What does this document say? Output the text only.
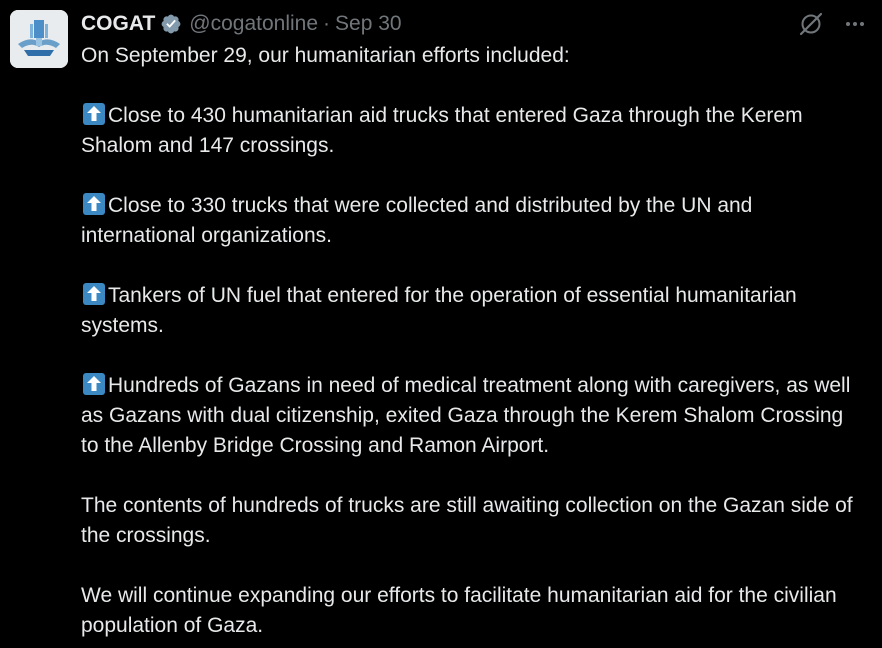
COGAT @cogatonline · Sep 30

On September 29, our humanitarian efforts included:

Close to 430 humanitarian aid trucks that entered Gaza through the Kerem Shalom and 147 crossings.

Close to 330 trucks that were collected and distributed by the UN and international organizations.

Tankers of UN fuel that entered for the operation of essential humanitarian systems.

Hundreds of Gazans in need of medical treatment along with caregivers, as well as Gazans with dual citizenship, exited Gaza through the Kerem Shalom Crossing to the Allenby Bridge Crossing and Ramon Airport.

The contents of hundreds of trucks are still awaiting collection on the Gazan side of the crossings.

We will continue expanding our efforts to facilitate humanitarian aid for the civilian population of Gaza.
